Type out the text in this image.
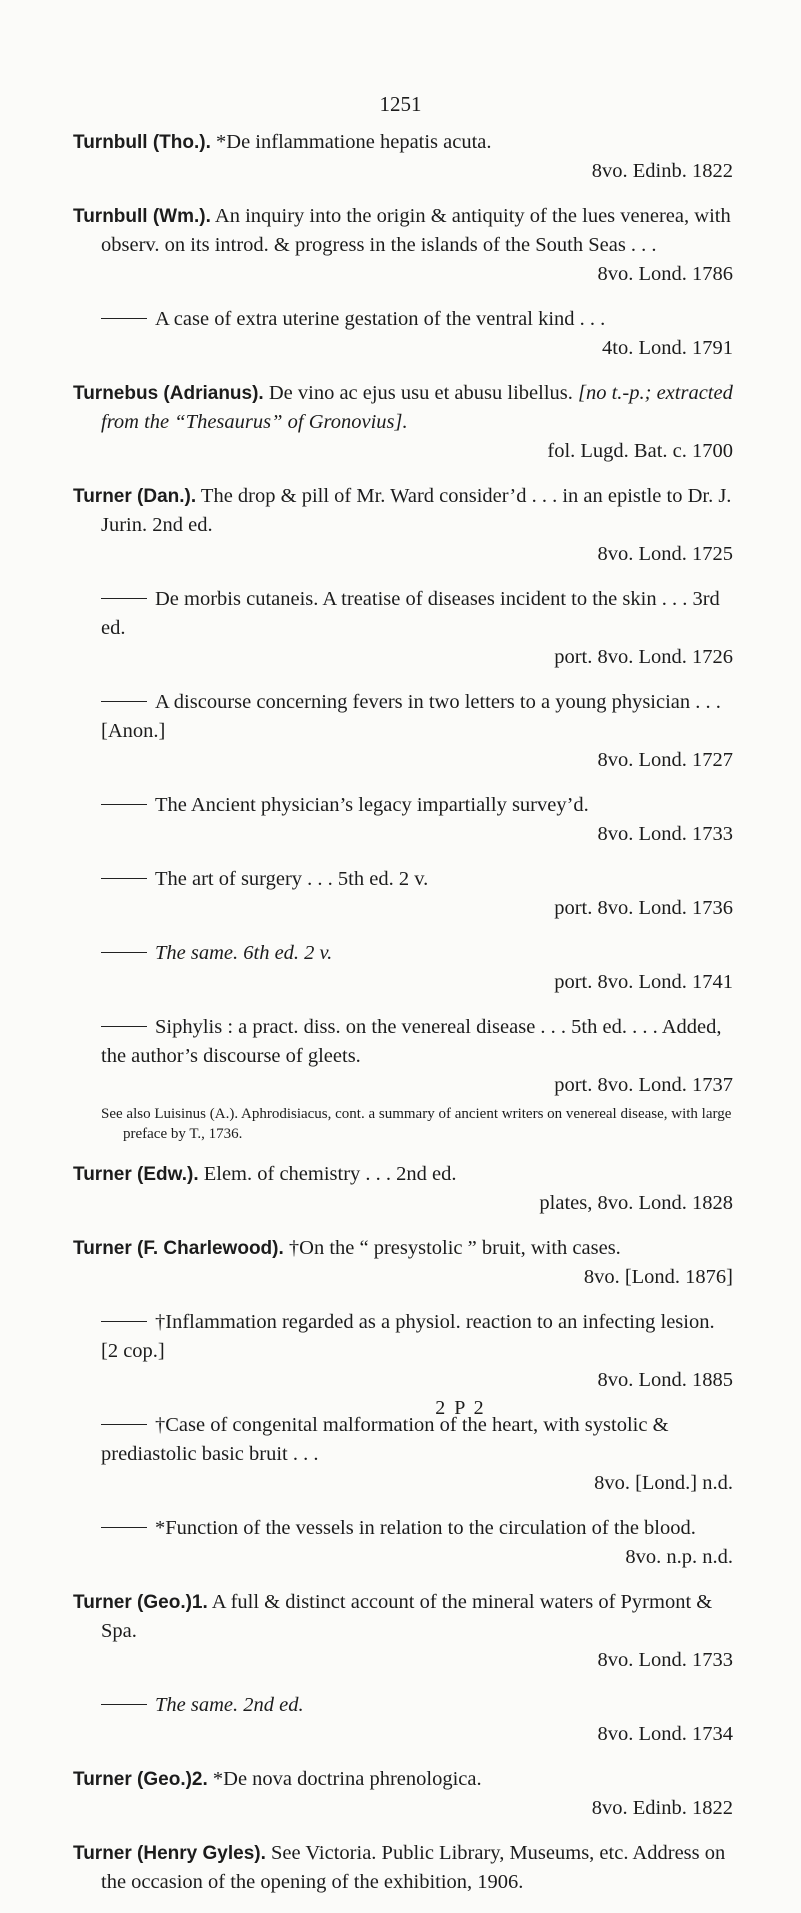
1251
Turnbull (Tho.). *De inflammatione hepatis acuta.
8vo. Edinb. 1822
Turnbull (Wm.). An inquiry into the origin & antiquity of the lues venerea, with observ. on its introd. & progress in the islands of the South Seas . . .
8vo. Lond. 1786
A case of extra uterine gestation of the ventral kind . . .
4to. Lond. 1791
Turnebus (Adrianus). De vino ac ejus usu et abusu libellus. [no t.-p.; extracted from the “Thesaurus” of Gronovius].
fol. Lugd. Bat. c. 1700
Turner (Dan.). The drop & pill of Mr. Ward consider’d . . . in an epistle to Dr. J. Jurin. 2nd ed.
8vo. Lond. 1725
De morbis cutaneis. A treatise of diseases incident to the skin . . . 3rd ed.
port. 8vo. Lond. 1726
A discourse concerning fevers in two letters to a young physician . . . [Anon.]
8vo. Lond. 1727
The Ancient physician’s legacy impartially survey’d.
8vo. Lond. 1733
The art of surgery . . . 5th ed. 2 v.
port. 8vo. Lond. 1736
The same. 6th ed. 2 v.
port. 8vo. Lond. 1741
Siphylis : a pract. diss. on the venereal disease . . . 5th ed. . . . Added, the author’s discourse of gleets.
port. 8vo. Lond. 1737
See also Luisinus (A.). Aphrodisiacus, cont. a summary of ancient writers on venereal disease, with large preface by T., 1736.
Turner (Edw.). Elem. of chemistry . . . 2nd ed.
plates, 8vo. Lond. 1828
Turner (F. Charlewood). †On the “ presystolic ” bruit, with cases.
8vo. [Lond. 1876]
†Inflammation regarded as a physiol. reaction to an infecting lesion. [2 cop.]
8vo. Lond. 1885
†Case of congenital malformation of the heart, with systolic & prediastolic basic bruit . . .
8vo. [Lond.] n.d.
*Function of the vessels in relation to the circulation of the blood.
8vo. n.p. n.d.
Turner (Geo.)1. A full & distinct account of the mineral waters of Pyrmont & Spa.
8vo. Lond. 1733
The same. 2nd ed.
8vo. Lond. 1734
Turner (Geo.)2. *De nova doctrina phrenologica.
8vo. Edinb. 1822
Turner (Henry Gyles). See Victoria. Public Library, Museums, etc. Address on the occasion of the opening of the exhibition, 1906.
2 P 2
